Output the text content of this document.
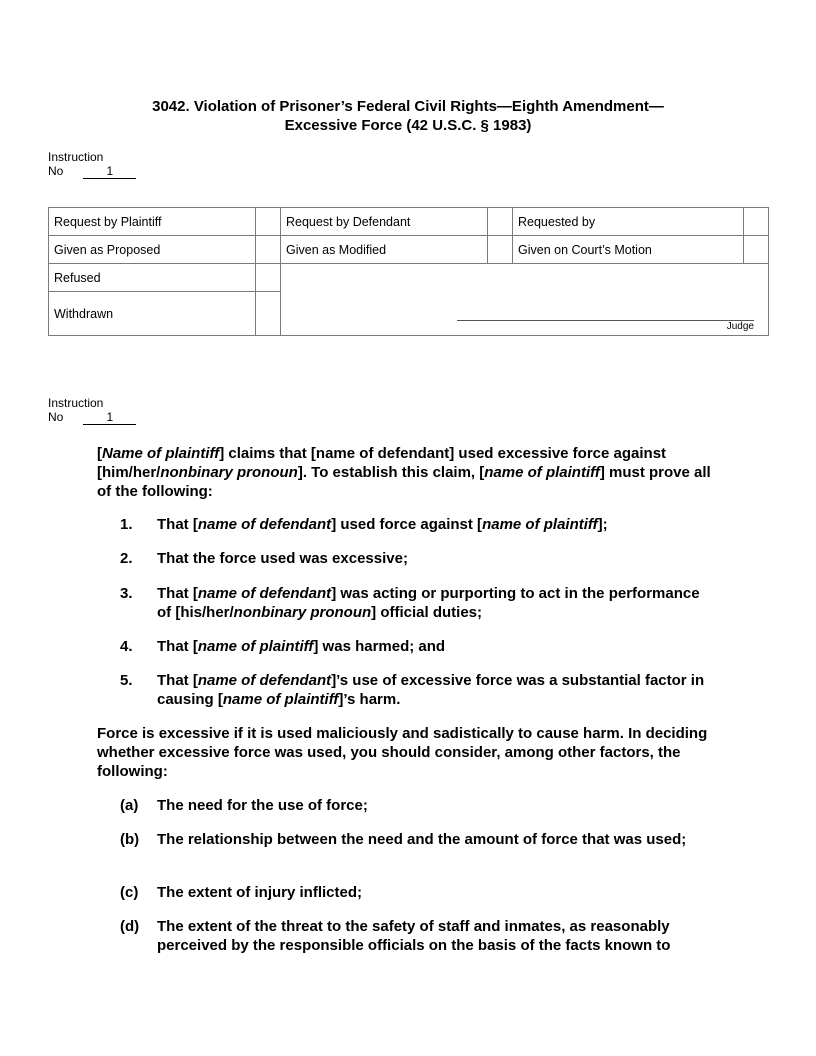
3042. Violation of Prisoner’s Federal Civil Rights—Eighth Amendment—
Excessive Force (42 U.S.C. § 1983)
Instruction
No	1
Request by Plaintiff		Request by Defendant		Requested by	
Given as Proposed		Given as Modified		Given on Court’s Motion	
Refused		Judge			

Withdrawn					
Instruction
No	1

[Name of plaintiff] claims that [name of defendant] used excessive force against [him/her/nonbinary pronoun]. To establish this claim, [name of plaintiff] must prove all of the following:

1.	That [name of defendant] used force against [name of plaintiff];
2.	That the force used was excessive;
3.	That [name of defendant] was acting or purporting to act in the performance of [his/her/nonbinary pronoun] official duties;
4.	That [name of plaintiff] was harmed; and
5.	That [name of defendant]’s use of excessive force was a substantial factor in causing [name of plaintiff]’s harm.

Force is excessive if it is used maliciously and sadistically to cause harm. In deciding whether excessive force was used, you should consider, among other factors, the following:

(a)	The need for the use of force;
(b)	The relationship between the need and the amount of force that was used;
(c)	The extent of injury inflicted;
(d)	The extent of the threat to the safety of staff and inmates, as reasonably perceived by the responsible officials on the basis of the facts known to
